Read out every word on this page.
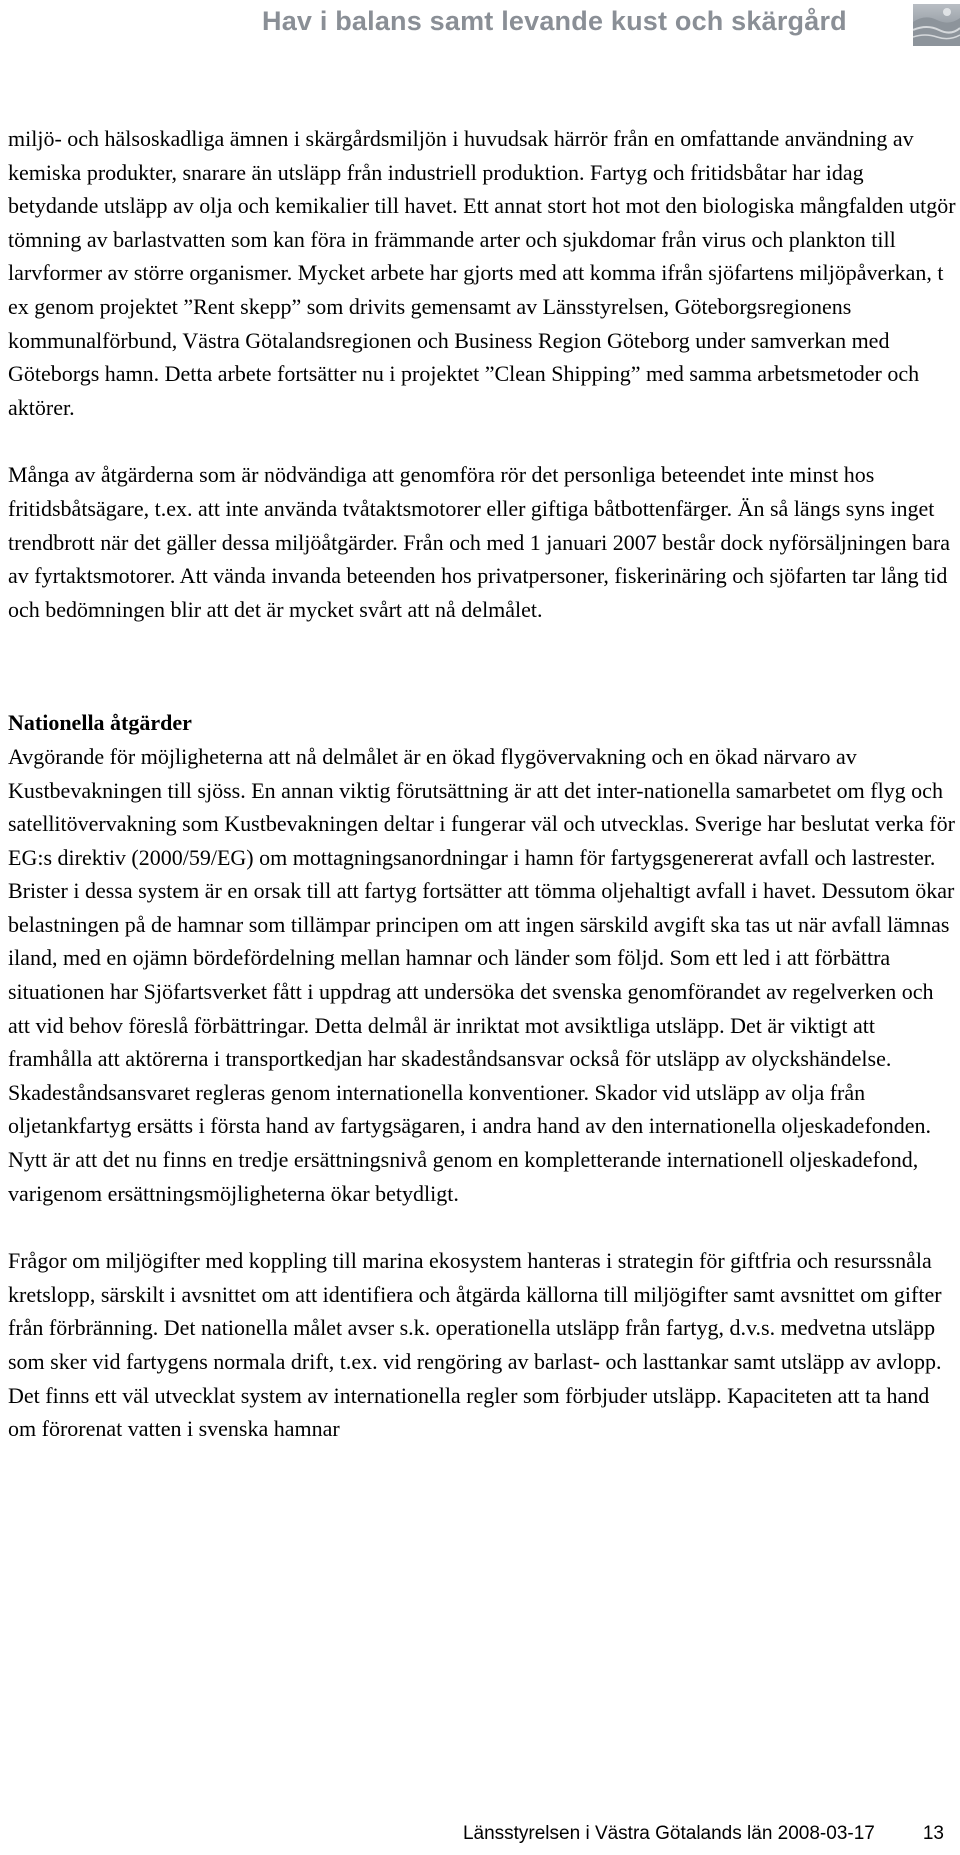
Hav i balans samt levande kust och skärgård

miljö- och hälsoskadliga ämnen i skärgårdsmiljön i huvudsak härrör från en omfattande användning av kemiska produkter, snarare än utsläpp från industriell produktion. Fartyg och fritidsbåtar har idag betydande utsläpp av olja och kemikalier till havet. Ett annat stort hot mot den biologiska mångfalden utgör tömning av barlastvatten som kan föra in främmande arter och sjukdomar från virus och plankton till larvformer av större organismer. Mycket arbete har gjorts med att komma ifrån sjöfartens miljöpåverkan, t ex genom projektet ”Rent skepp” som drivits gemensamt av Länsstyrelsen, Göteborgsregionens kommunalförbund, Västra Götalandsregionen och Business Region Göteborg under samverkan med Göteborgs hamn. Detta arbete fortsätter nu i projektet ”Clean Shipping” med samma arbetsmetoder och aktörer.

Många av åtgärderna som är nödvändiga att genomföra rör det personliga beteendet inte minst hos fritidsbåtsägare, t.ex. att inte använda tvåtaktsmotorer eller giftiga båtbottenfärger. Än så längs syns inget trendbrott när det gäller dessa miljöåtgärder. Från och med 1 januari 2007 består dock nyförsäljningen bara av fyrtaktsmotorer. Att vända invanda beteenden hos privatpersoner, fiskerinäring och sjöfarten tar lång tid och bedömningen blir att det är mycket svårt att nå delmålet.

Nationella åtgärder

Avgörande för möjligheterna att nå delmålet är en ökad flygövervakning och en ökad närvaro av Kustbevakningen till sjöss. En annan viktig förutsättning är att det inter-nationella samarbetet om flyg och satellitövervakning som Kustbevakningen deltar i fungerar väl och utvecklas. Sverige har beslutat verka för EG:s direktiv (2000/59/EG) om mottagningsanordningar i hamn för fartygsgenererat avfall och lastrester. Brister i dessa system är en orsak till att fartyg fortsätter att tömma oljehaltigt avfall i havet. Dessutom ökar belastningen på de hamnar som tillämpar principen om att ingen särskild avgift ska tas ut när avfall lämnas iland, med en ojämn bördefördelning mellan hamnar och länder som följd. Som ett led i att förbättra situationen har Sjöfartsverket fått i uppdrag att undersöka det svenska genomförandet av regelverken och att vid behov föreslå förbättringar. Detta delmål är inriktat mot avsiktliga utsläpp. Det är viktigt att framhålla att aktörerna i transportkedjan har skadeståndsansvar också för utsläpp av olyckshändelse. Skadeståndsansvaret regleras genom internationella konventioner. Skador vid utsläpp av olja från oljetankfartyg ersätts i första hand av fartygsägaren, i andra hand av den internationella oljeskadefonden. Nytt är att det nu finns en tredje ersättningsnivå genom en kompletterande internationell oljeskadefond, varigenom ersättningsmöjligheterna ökar betydligt.

Frågor om miljögifter med koppling till marina ekosystem hanteras i strategin för giftfria och resurssnåla kretslopp, särskilt i avsnittet om att identifiera och åtgärda källorna till miljögifter samt avsnittet om gifter från förbränning. Det nationella målet avser s.k. operationella utsläpp från fartyg, d.v.s. medvetna utsläpp som sker vid fartygens normala drift, t.ex. vid rengöring av barlast- och lasttankar samt utsläpp av avlopp. Det finns ett väl utvecklat system av internationella regler som förbjuder utsläpp. Kapaciteten att ta hand om förorenat vatten i svenska hamnar

Länsstyrelsen i Västra Götalands län 2008-03-17	13
